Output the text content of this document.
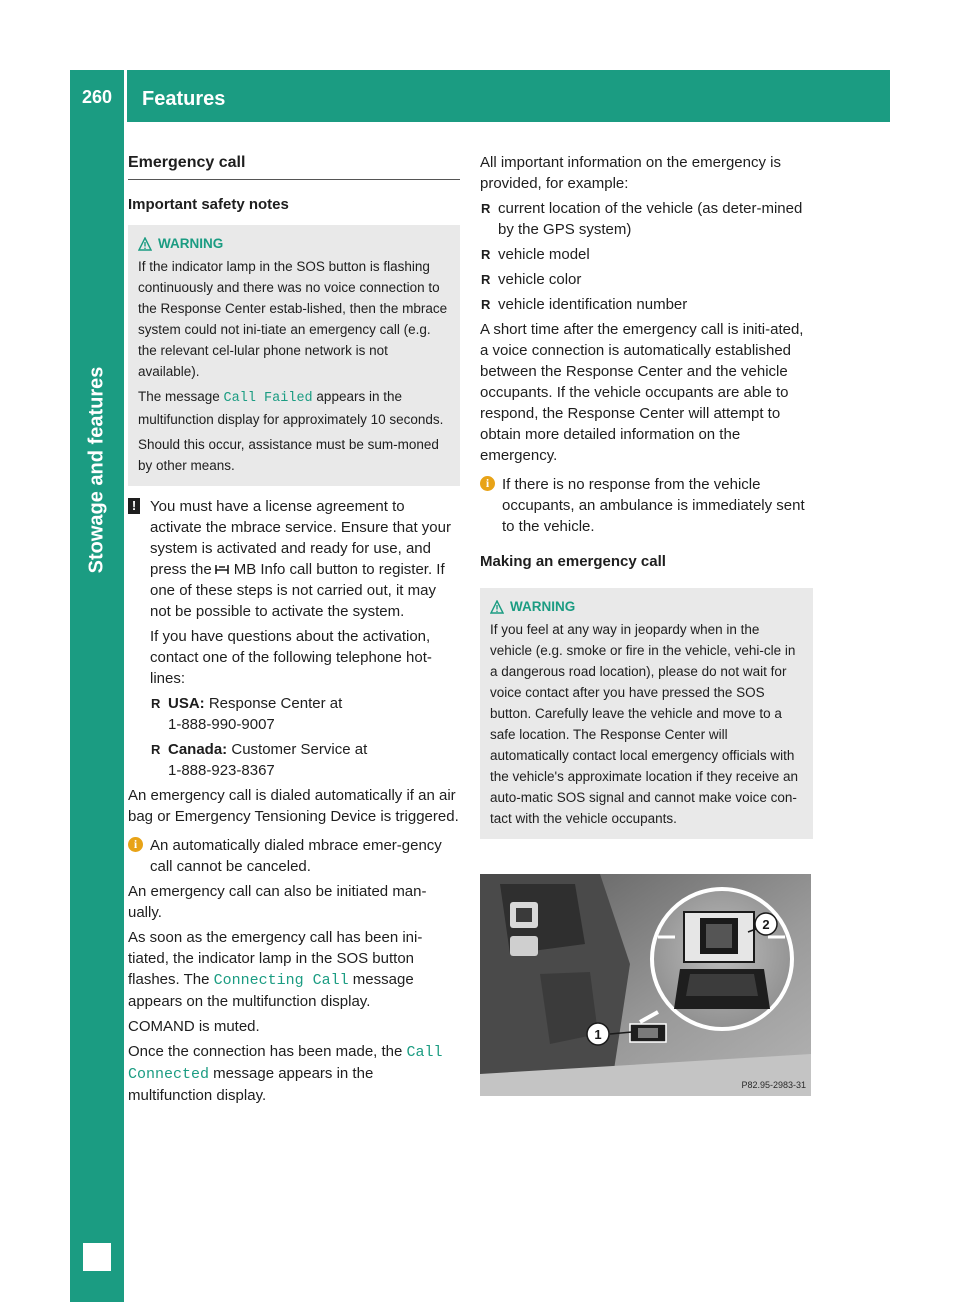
260	Features
Stowage and features
Emergency call
Important safety notes
WARNING

If the indicator lamp in the SOS button is flashing continuously and there was no voice connection to the Response Center estab-lished, then the mbrace system could not ini-tiate an emergency call (e.g. the relevant cel-lular phone network is not available).

The message Call Failed appears in the multifunction display for approximately 10 seconds.

Should this occur, assistance must be sum-moned by other means.

! You must have a license agreement to activate the mbrace service. Ensure that your system is activated and ready for use, and press the MB Info call button to register. If one of these steps is not carried out, it may not be possible to activate the system.

If you have questions about the activation, contact one of the following telephone hot-lines:

R USA: Response Center at
1-888-990-9007
R Canada: Customer Service at
1-888-923-8367

An emergency call is dialed automatically if an air bag or Emergency Tensioning Device is triggered.

i An automatically dialed mbrace emer-gency call cannot be canceled.

An emergency call can also be initiated man-ually.

As soon as the emergency call has been ini-tiated, the indicator lamp in the SOS button flashes. The Connecting Call message appears on the multifunction display.

COMAND is muted.

Once the connection has been made, the Call Connected message appears in the multifunction display.

All important information on the emergency is provided, for example:

R current location of the vehicle (as deter-mined by the GPS system)
R vehicle model
R vehicle color
R vehicle identification number

A short time after the emergency call is initi-ated, a voice connection is automatically established between the Response Center and the vehicle occupants. If the vehicle occupants are able to respond, the Response Center will attempt to obtain more detailed information on the emergency.

i If there is no response from the vehicle occupants, an ambulance is immediately sent to the vehicle.

Making an emergency call
WARNING

If you feel at any way in jeopardy when in the vehicle (e.g. smoke or fire in the vehicle, vehi-cle in a dangerous road location), please do not wait for voice contact after you have pressed the SOS button. Carefully leave the vehicle and move to a safe location. The Response Center will automatically contact local emergency officials with the vehicle's approximate location if they receive an auto-matic SOS signal and cannot make voice con-tact with the vehicle occupants.

1
2
P82.95-2983-31
